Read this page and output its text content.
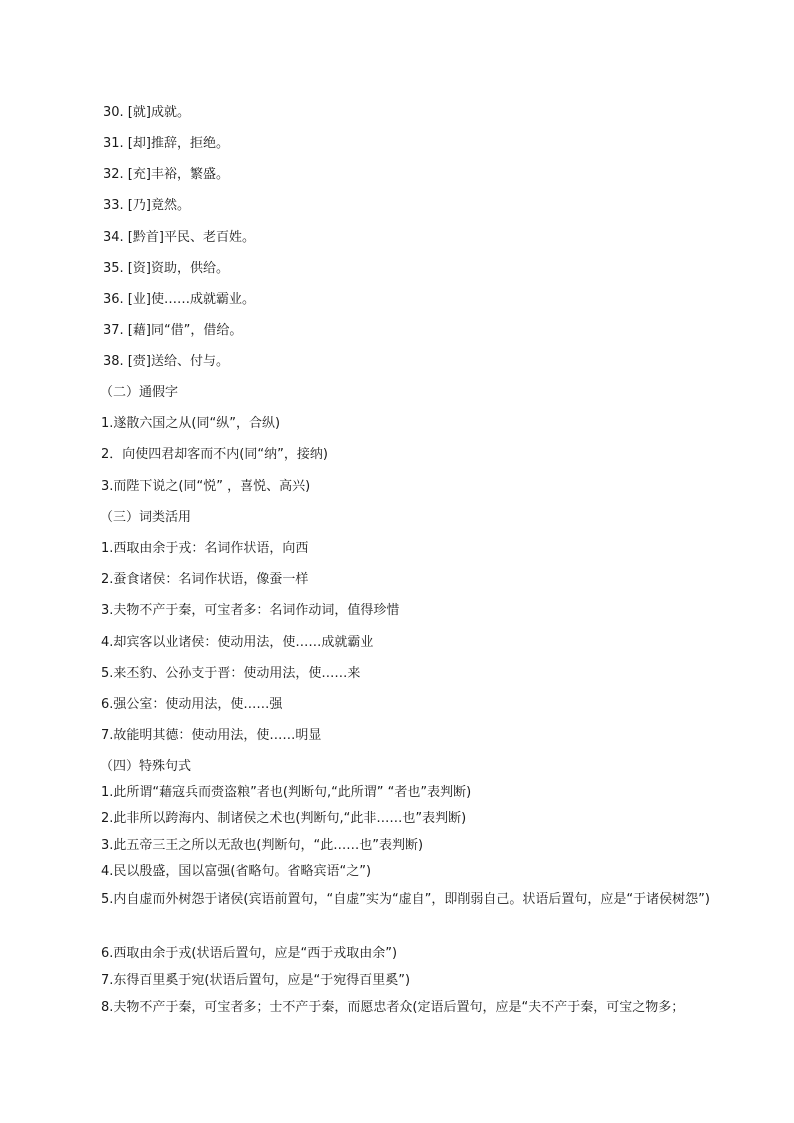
30. [就]成就。
31. [却]推辞，拒绝。
32. [充]丰裕，繁盛。
33. [乃]竟然。
34. [黔首]平民、老百姓。
35. [资]资助，供给。
36. [业]使……成就霸业。
37. [藉]同“借”，借给。
38. [赍]送给、付与。
（二）通假字
1.遂散六国之从(同“纵”，合纵)
2．向使四君却客而不内(同“纳”，接纳)
3.而陛下说之(同“悦” ，喜悦、高兴)
（三）词类活用
1.西取由余于戎：名词作状语，向西
2.蚕食诸侯：名词作状语，像蚕一样
3.夫物不产于秦，可宝者多：名词作动词，值得珍惜
4.却宾客以业诸侯：使动用法，使……成就霸业
5.来丕豹、公孙支于晋：使动用法，使……来
6.强公室：使动用法，使……强
7.故能明其德：使动用法，使……明显
（四）特殊句式
1.此所谓“藉寇兵而赍盗粮”者也(判断句,“此所谓” “者也”表判断)
2.此非所以跨海内、制诸侯之术也(判断句,“此非……也”表判断)
3.此五帝三王之所以无敌也(判断句，“此……也”表判断)
4.民以殷盛，国以富强(省略句。省略宾语“之”)
5.内自虚而外树怨于诸侯(宾语前置句，“自虚”实为“虚自”，即削弱自己。状语后置句，应是“于诸侯树怨”)
6.西取由余于戎(状语后置句，应是“西于戎取由余”)
7.东得百里奚于宛(状语后置句，应是“于宛得百里奚”)
8.夫物不产于秦，可宝者多；士不产于秦，而愿忠者众(定语后置句，应是“夫不产于秦，可宝之物多；
